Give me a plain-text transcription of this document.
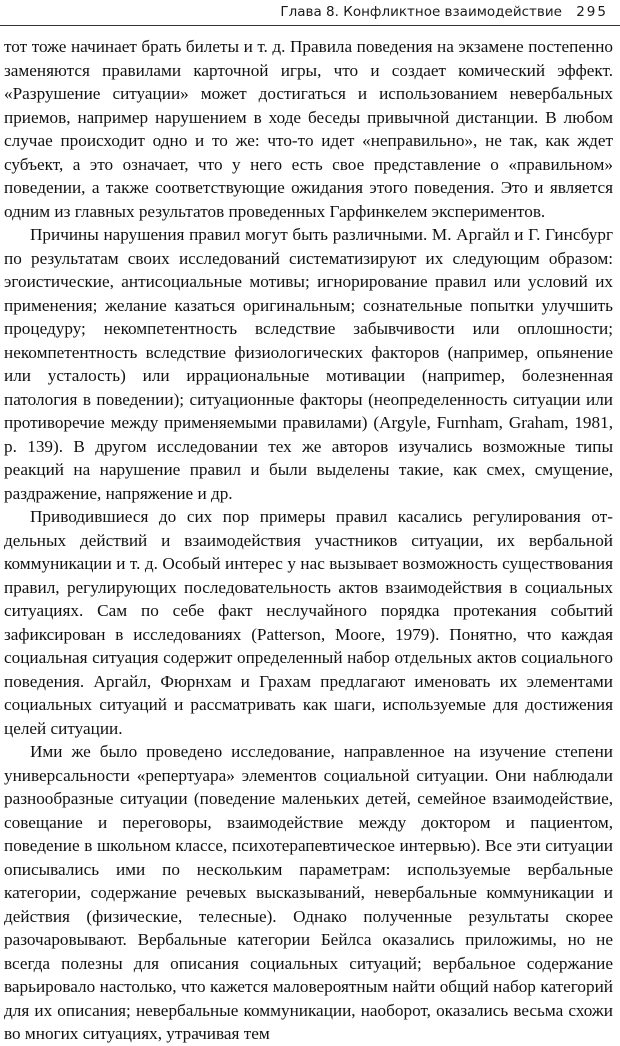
Глава 8. Конфликтное взаимодействие 295

тот тоже начинает брать билеты и т. д. Правила поведения на экзамене постепенно заменяются правилами карточной игры, что и создает комический эффект. «Разрушение ситуации» может достигаться и использованием невербальных приемов, например нарушением в ходе беседы привычной дистанции. В любом случае происходит одно и то же: что-то идет «неправильно», не так, как ждет субъект, а это означает, что у него есть свое представление о «правильном» поведении, а также соответствующие ожидания этого поведения. Это и является одним из главных результатов проведенных Гарфинкелем экспериментов.

Причины нарушения правил могут быть различными. М. Аргайл и Г. Гинсбург по результатам своих исследований систематизируют их следующим образом: эгоистические, антисоциальные мотивы; игнорирование правил или условий их применения; желание казаться оригинальным; сознательные попытки улучшить процедуру; некомпетентность вследствие забывчивости или оплошности; некомпетентность вследствие физиологических факторов (например, опьянение или усталость) или иррациональные мотивации (наприmер, болезненная патология в поведении); ситуационные факторы (неопределенность ситуации или противоречие между применяемыми правилами) (Argyle, Furnham, Graham, 1981, p. 139). В другом исследовании тех же авторов изучались возможные типы реакций на нарушение правил и были выделены такие, как смех, смущение, раздражение, напряжение и др.

Приводившиеся до сих пор примеры правил касались регулирования отдельных действий и взаимодействия участников ситуации, их вербальной коммуникации и т. д. Особый интерес у нас вызывает возможность существования правил, регулирующих последовательность актов взаимодействия в социальных ситуациях. Сам по себе факт неслучайного порядка протекания событий зафиксирован в исследованиях (Patterson, Moore, 1979). Понятно, что каждая социальная ситуация содержит определенный набор отдельных актов социального поведения. Аргайл, Фюрнхам и Грахам предлагают именовать их элементами социальных ситуаций и рассматривать как шаги, используемые для достижения целей ситуации.

Ими же было проведено исследование, направленное на изучение степени универсальности «репертуара» элементов социальной ситуации. Они наблюдали разнообразные ситуации (поведение маленьких детей, семейное взаимодействие, совещание и переговоры, взаимодействие между доктором и пациентом, поведение в школьном классе, психотерапевтическое интервью). Все эти ситуации описывались ими по нескольким параметрам: используемые вербальные категории, содержание речевых высказываний, невербальные коммуникации и действия (физические, телесные). Однако полученные результаты скорее разочаровывают. Вербальные категории Бейлса оказались приложимы, но не всегда полезны для описания социальных ситуаций; вербальное содержание варьировало настолько, что кажется маловероятным найти общий набор категорий для их описания; невербальные коммуникации, наоборот, оказались весьма схожи во многих ситуациях, утрачивая тем
